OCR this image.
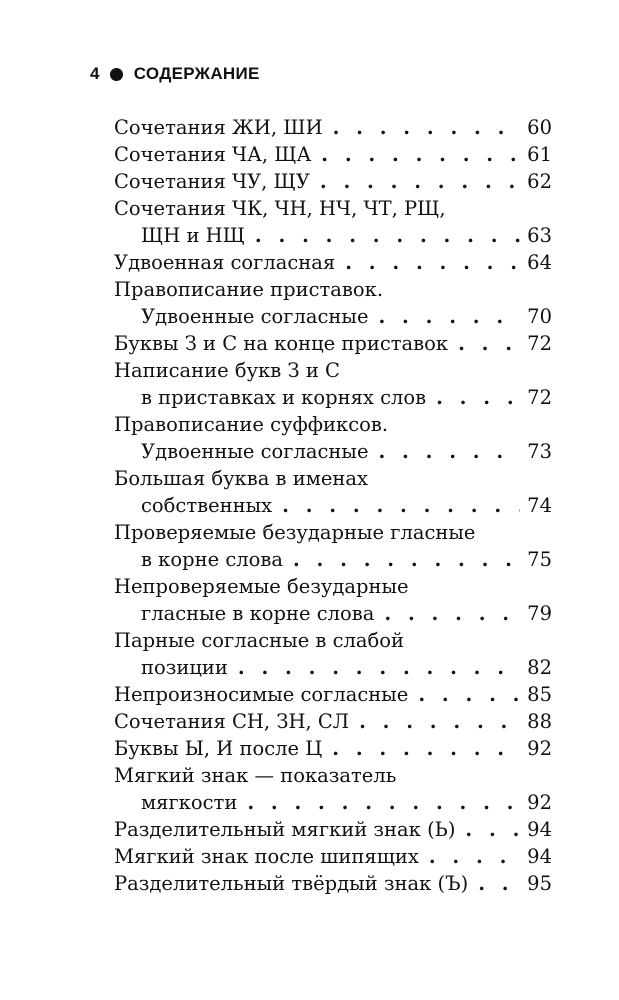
4 СОДЕРЖАНИЕ
Сочетания ЖИ, ШИ . . .	60
Сочетания ЧА, ЩА . . .	61
Сочетания ЧУ, ЩУ . . .	62
Сочетания ЧК, ЧН, НЧ, ЧТ, РЩ,
ЩН и НЩ . . .	63
Удвоенная согласная . . .	64
Правописание приставок.
Удвоенные согласные . . .	70
Буквы З и С на конце приставок . . .	72
Написание букв З и С
в приставках и корнях слов . . .	72
Правописание суффиксов.
Удвоенные согласные . . .	73
Большая буква в именах
собственных . . .	74
Проверяемые безударные гласные
в корне слова . . .	75
Непроверяемые безударные
гласные в корне слова . . .	79
Парные согласные в слабой
позиции . . .	82
Непроизносимые согласные . . .	85
Сочетания СН, ЗН, СЛ . . .	88
Буквы Ы, И после Ц . . .	92
Мягкий знак — показатель
мягкости . . .	92
Разделительный мягкий знак (Ь) . . .	94
Мягкий знак после шипящих . . .	94
Разделительный твёрдый знак (Ъ) . . .	95
